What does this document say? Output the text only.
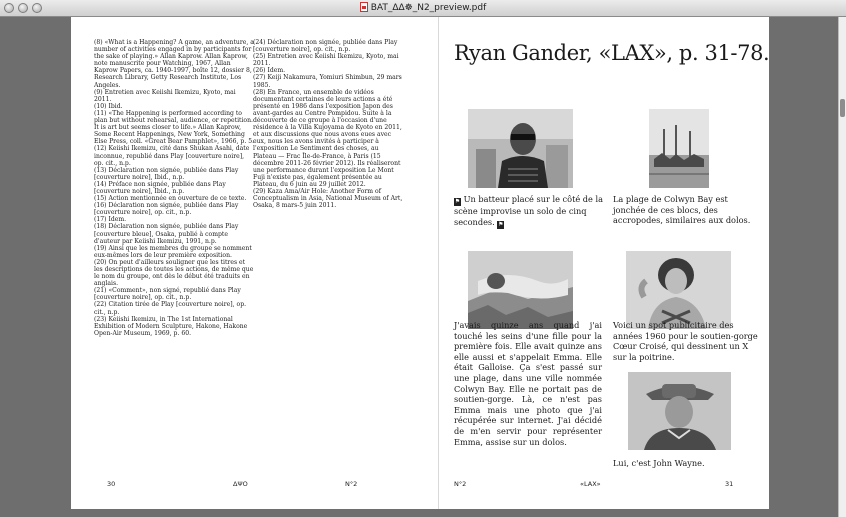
BAT_ΔΔ☸_N2_preview.pdf

(8) «What is a Happening? A game, an adventure, a number of activities engaged in by participants for the sake of playing.» Allan Kaprow. Allan Kaprow, note manuscrite pour Watching, 1967, Allan Kaprow Papers, ca. 1940-1997, boîte 12, dossier 8, Research Library, Getty Research Institute, Los Angeles.

(9) Entretien avec Keiishi Ikemizu, Kyoto, mai 2011.

(10) Ibid.

(11) «The Happening is performed according to plan but without rehearsal, audience, or repetition. It is art but seems closer to life.» Allan Kaprow, Some Recent Happenings, New York, Something Else Press, coll. «Great Bear Pamphlet», 1966, p. 5.

(12) Keiishi Ikemizu, cité dans Shukan Asahi, date inconnue, republié dans Play [couverture noire], op. cit., n.p.

(13) Déclaration non signée, publiée dans Play [couverture noire], Ibid., n.p.

(14) Préface non signée, publiée dans Play [couverture noire], Ibid., n.p.

(15) Action mentionnée en ouverture de ce texte.

(16) Déclaration non signée, publiée dans Play [couverture noire], op. cit., n.p.

(17) Idem.

(18) Déclaration non signée, publiée dans Play [couverture bleue], Osaka, publié à compte d'auteur par Keiishi Ikemizu, 1991, n.p.

(19) Ainsi que les membres du groupe se nomment eux-mêmes lors de leur première exposition.

(20) On peut d'ailleurs souligner que les titres et les descriptions de toutes les actions, de même que le nom du groupe, ont dès le début été traduits en anglais.

(21) «Comment», non signé, republié dans Play [couverture noire], op. cit., n.p.

(22) Citation tirée de Play [couverture noire], op. cit., n.p.

(23) Keiishi Ikemizu, in The 1st International Exhibition of Modern Sculpture, Hakone, Hakone Open-Air Museum, 1969, p. 60.

(24) Déclaration non signée, publiée dans Play [couverture noire], op. cit., n.p.

(25) Entretien avec Keiishi Ikemizu, Kyoto, mai 2011.

(26) Idem.

(27) Keiji Nakamura, Yomiuri Shimbun, 29 mars 1985.

(28) En France, un ensemble de vidéos documentant certaines de leurs actions a été présenté en 1986 dans l'exposition Japon des avant-gardes au Centre Pompidou. Suite à la découverte de ce groupe à l'occasion d'une résidence à la Villa Kujoyama de Kyoto en 2011, et aux discussions que nous avons eues avec eux, nous les avons invités à participer à l'exposition Le Sentiment des choses, au Plateau — Frac Île-de-France, à Paris (15 décembre 2011-26 février 2012). Ils réaliseront une performance durant l'exposition Le Mont Fuji n'existe pas, également présentée au Plateau, du 6 juin au 29 juillet 2012.

(29) Kaza Ama/Air Hole: Another Form of Conceptualism in Asia, National Museum of Art, Osaka, 8 mars-5 juin 2011.

30	ΔΨΟ	N°2
Ryan Gander, «LAX», p. 31-78.
⚑ Un batteur placé sur le côté de la scène improvise un solo de cinq secondes. ⚑
La plage de Colwyn Bay est jonchée de ces blocs, des accropodes, similaires aux dolos.
J'avais quinze ans quand j'ai touché les seins d'une fille pour la première fois. Elle avait quinze ans elle aussi et s'appelait Emma. Elle était Galloise. Ça s'est passé sur une plage, dans une ville nommée Colwyn Bay. Elle ne portait pas de soutien-gorge. Là, ce n'est pas Emma mais une photo que j'ai récupérée sur internet. J'ai décidé de m'en servir pour représenter Emma, assise sur un dolos.
Voici un spot publicitaire des années 1960 pour le soutien-gorge Cœur Croisé, qui dessinent un X sur la poitrine.
Lui, c'est John Wayne.
N°2	«LAX»	31
